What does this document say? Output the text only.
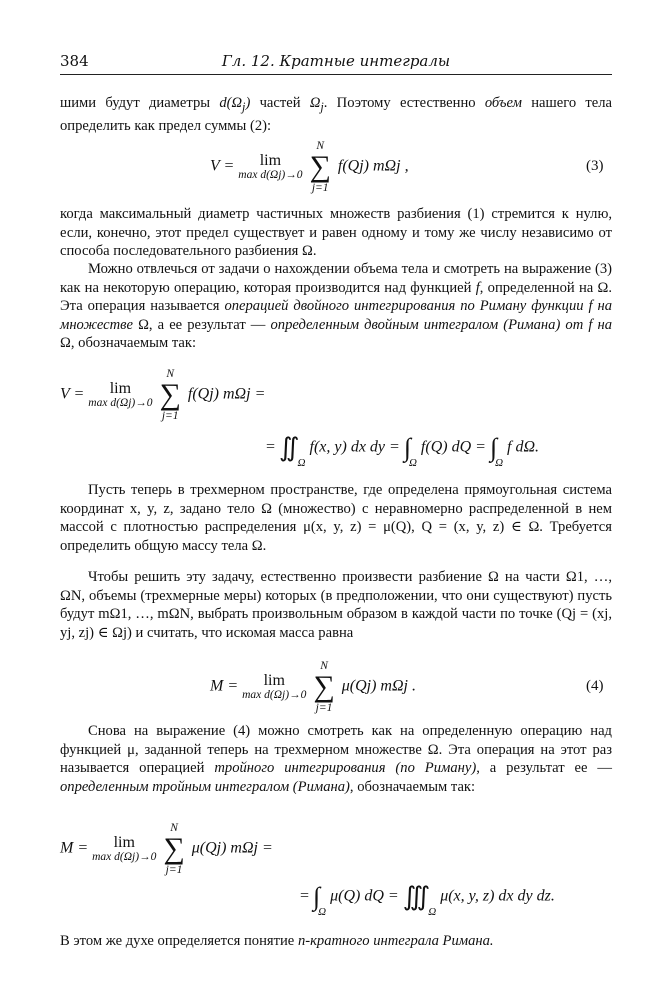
384	Гл. 12. Кратные интегралы

шими будут диаметры $d(\Omega_j)$ частей $\Omega_j$. Поэтому естественно объем нашего тела определить как предел суммы (2):

V =	lim
max d(Ωj)→0

N
∑
j=1
f(Qj) mΩj ,	(3)

когда максимальный диаметр частичных множеств разбиения (1) стремится к нулю, если, конечно, этот предел существует и равен одному и тому же числу независимо от способа последовательного разбиения Ω.

Можно отвлечься от задачи о нахождении объема тела и смотреть на выражение (3) как на некоторую операцию, которая производится над функцией f, определенной на Ω. Эта операция называется операцией двойного интегрирования по Риману функции f на множестве Ω, а ее результат — определенным двойным интегралом (Римана) от f на Ω, обозначаемым так:

V =	lim
max d(Ωj)→0

N
∑
j=1
f(Qj) mΩj =
= $∬_\Omega$ f(x, y) dx dy = $\int_\Omega$ f(Q) dQ = $\int_\Omega$ f dΩ.

Пусть теперь в трехмерном пространстве, где определена прямоугольная система координат x, y, z, задано тело Ω (множество) с неравномерно распределенной в нем массой с плотностью распределения μ(x, y, z) = μ(Q), Q = (x, y, z) ∈ Ω. Требуется определить общую массу тела Ω.

Чтобы решить эту задачу, естественно произвести разбиение Ω на части Ω1, …, ΩN, объемы (трехмерные меры) которых (в предположении, что они существуют) пусть будут mΩ1, …, mΩN, выбрать произвольным образом в каждой части по точке (Qj = (xj, yj, zj) ∈ Ωj) и считать, что искомая масса равна

M =	lim
max d(Ωj)→0

N
∑
j=1
μ(Qj) mΩj .	(4)

Снова на выражение (4) можно смотреть как на определенную операцию над функцией μ, заданной теперь на трехмерном множестве Ω. Эта операция на этот раз называется операцией тройного интегрирования (по Риману), а результат ее — определенным тройным интегралом (Римана), обозначаемым так:

M =	lim
max d(Ωj)→0

N
∑
j=1
μ(Qj) mΩj =
= $\int_\Omega$ μ(Q) dQ = $∭_\Omega$ μ(x, y, z) dx dy dz.

В этом же духе определяется понятие n-кратного интеграла Римана.
